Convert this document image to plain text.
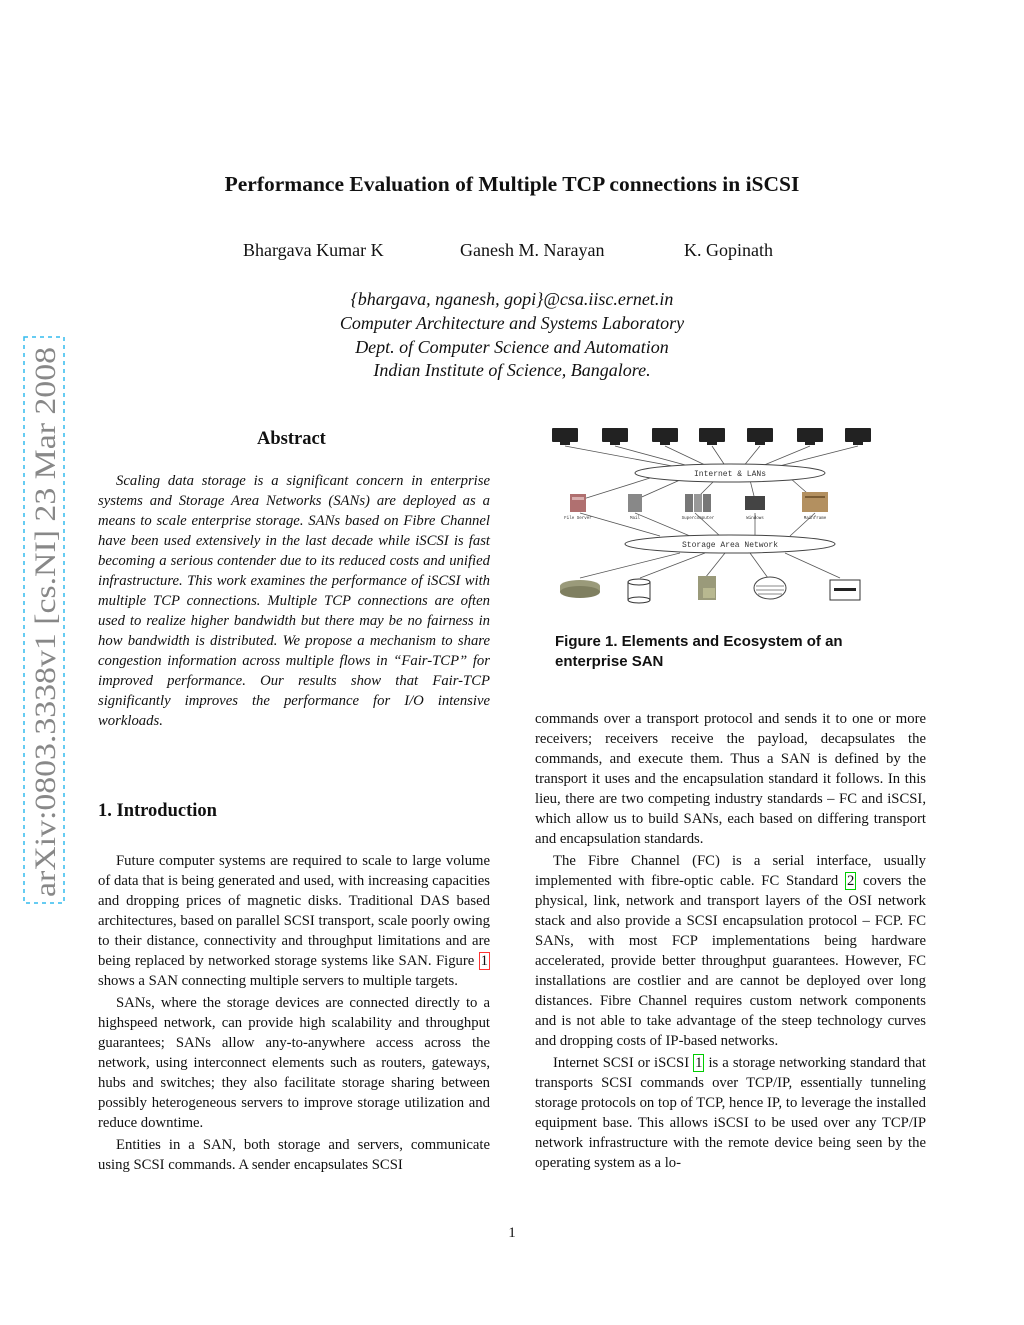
arXiv:0803.3338v1 [cs.NI] 23 Mar 2008
Performance Evaluation of Multiple TCP connections in iSCSI
Bhargava Kumar K	Ganesh M. Narayan	K. Gopinath
{bhargava, nganesh, gopi}@csa.iisc.ernet.in
Computer Architecture and Systems Laboratory
Dept. of Computer Science and Automation
Indian Institute of Science, Bangalore.
Abstract

Scaling data storage is a significant concern in enterprise systems and Storage Area Networks (SANs) are deployed as a means to scale enterprise storage. SANs based on Fibre Channel have been used extensively in the last decade while iSCSI is fast becoming a serious contender due to its reduced costs and unified infrastructure. This work examines the performance of iSCSI with multiple TCP connections. Multiple TCP connections are often used to realize higher bandwidth but there may be no fairness in how bandwidth is distributed. We propose a mechanism to share congestion information across multiple flows in “Fair-TCP” for improved performance. Our results show that Fair-TCP significantly improves the performance for I/O intensive workloads.

1. Introduction

Future computer systems are required to scale to large volume of data that is being generated and used, with increasing capacities and dropping prices of magnetic disks. Traditional DAS based architectures, based on parallel SCSI transport, scale poorly owing to their distance, connectivity and throughput limitations and are being replaced by networked storage systems like SAN. Figure 1 shows a SAN connecting multiple servers to multiple targets.

SANs, where the storage devices are connected directly to a highspeed network, can provide high scalability and throughput guarantees; SANs allow any-to-anywhere access across the network, using interconnect elements such as routers, gateways, hubs and switches; they also facilitate storage sharing between possibly heterogeneous servers to improve storage utilization and reduce downtime.

Entities in a SAN, both storage and servers, communicate using SCSI commands. A sender encapsulates SCSI

Internet & LANs
File Server	Mail	Supercomputer	Windows	Mainframe
Storage Area Network
Figure 1. Elements and Ecosystem of an enterprise SAN

commands over a transport protocol and sends it to one or more receivers; receivers receive the payload, decapsulates the commands, and execute them. Thus a SAN is defined by the transport it uses and the encapsulation standard it follows. In this lieu, there are two competing industry standards – FC and iSCSI, which allow us to build SANs, each based on differing transport and encapsulation standards.

The Fibre Channel (FC) is a serial interface, usually implemented with fibre-optic cable. FC Standard 2 covers the physical, link, network and transport layers of the OSI network stack and also provide a SCSI encapsulation protocol – FCP. FC SANs, with most FCP implementations being hardware accelerated, provide better throughput guarantees. However, FC installations are costlier and are cannot be deployed over long distances. Fibre Channel requires custom network components and is not able to take advantage of the steep technology curves and dropping costs of IP-based networks.

Internet SCSI or iSCSI 1 is a storage networking standard that transports SCSI commands over TCP/IP, essentially tunneling storage protocols on top of TCP, hence IP, to leverage the installed equipment base. This allows iSCSI to be used over any TCP/IP network infrastructure with the remote device being seen by the operating system as a lo-

1
